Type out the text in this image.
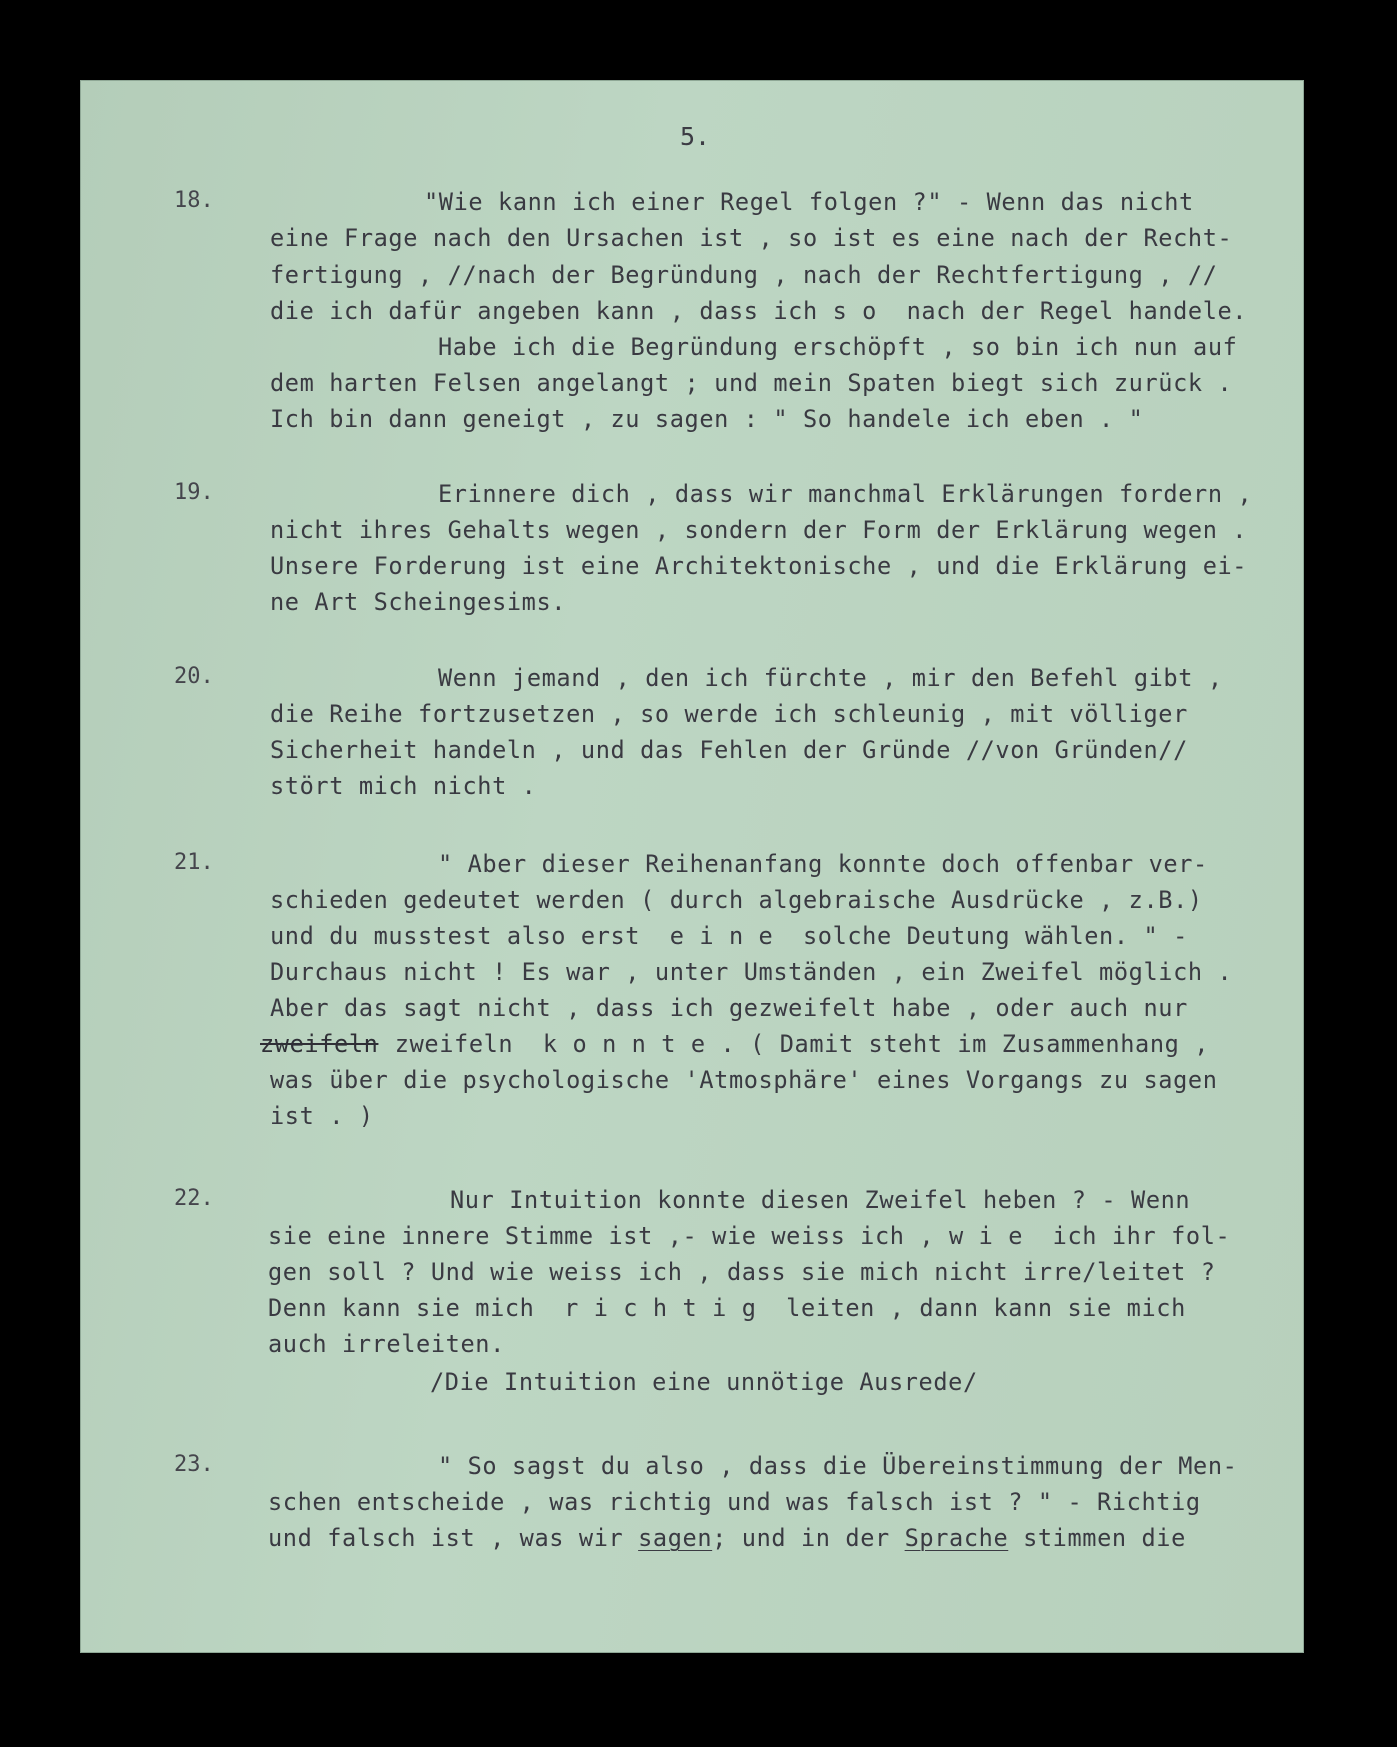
5.
18.	"Wie kann ich einer Regel folgen ?" - Wenn das nicht
eine Frage nach den Ursachen ist , so ist es eine nach der Recht-
fertigung , //nach der Begründung , nach der Rechtfertigung , //
die ich dafür angeben kann , dass ich s o  nach der Regel handele.
Habe ich die Begründung erschöpft , so bin ich nun auf
dem harten Felsen angelangt ; und mein Spaten biegt sich zurück .
Ich bin dann geneigt , zu sagen : " So handele ich eben . "
19.	Erinnere dich , dass wir manchmal Erklärungen fordern ,
nicht ihres Gehalts wegen , sondern der Form der Erklärung wegen .
Unsere Forderung ist eine Architektonische , und die Erklärung ei-
ne Art Scheingesims.
20.	Wenn jemand , den ich fürchte , mir den Befehl gibt ,
die Reihe fortzusetzen , so werde ich schleunig , mit völliger
Sicherheit handeln , und das Fehlen der Gründe //von Gründen//
stört mich nicht .
21.	" Aber dieser Reihenanfang konnte doch offenbar ver-
schieden gedeutet werden ( durch algebraische Ausdrücke , z.B.)
und du musstest also erst  e i n e  solche Deutung wählen. " -
Durchaus nicht ! Es war , unter Umständen , ein Zweifel möglich .
Aber das sagt nicht , dass ich gezweifelt habe , oder auch nur
zweifeln zweifeln  k o n n t e . ( Damit steht im Zusammenhang ,
was über die psychologische 'Atmosphäre' eines Vorgangs zu sagen
ist . )
22.	Nur Intuition konnte diesen Zweifel heben ? - Wenn
sie eine innere Stimme ist ,- wie weiss ich , w i e  ich ihr fol-
gen soll ? Und wie weiss ich , dass sie mich nicht irre/leitet ?
Denn kann sie mich  r i c h t i g  leiten , dann kann sie mich
auch irreleiten.
/Die Intuition eine unnötige Ausrede/
23.	" So sagst du also , dass die Übereinstimmung der Men-
schen entscheide , was richtig und was falsch ist ? " - Richtig
und falsch ist , was wir sagen; und in der Sprache stimmen die
